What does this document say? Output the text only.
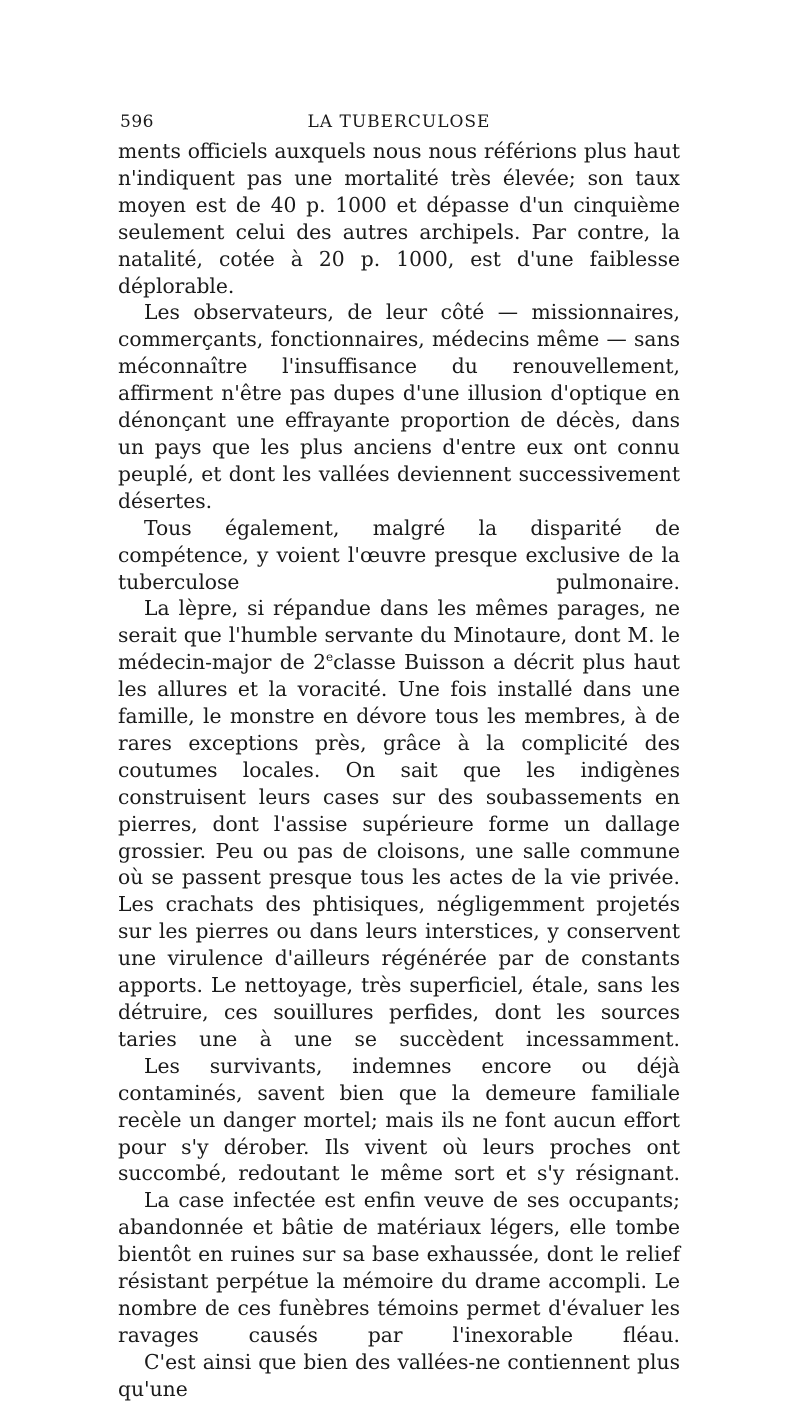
596	LA TUBERCULOSE

ments officiels auxquels nous nous référions plus haut n'indiquent pas une mortalité très élevée; son taux moyen est de 40 p. 1000 et dépasse d'un cinquième seulement celui des autres archipels. Par contre, la natalité, cotée à 20 p. 1000, est d'une faiblesse déplorable.

Les observateurs, de leur côté — missionnaires, commerçants, fonctionnaires, médecins même — sans méconnaître l'insuffisance du renouvellement, affirment n'être pas dupes d'une illusion d'optique en dénonçant une effrayante proportion de décès, dans un pays que les plus anciens d'entre eux ont connu peuplé, et dont les vallées deviennent successivement désertes.

Tous également, malgré la disparité de compétence, y voient l'œuvre presque exclusive de la tuberculose pulmonaire.

La lèpre, si répandue dans les mêmes parages, ne serait que l'humble servante du Minotaure, dont M. le médecin-major de 2eclasse Buisson a décrit plus haut les allures et la voracité. Une fois installé dans une famille, le monstre en dévore tous les membres, à de rares exceptions près, grâce à la complicité des coutumes locales. On sait que les indigènes construisent leurs cases sur des soubassements en pierres, dont l'assise supérieure forme un dallage grossier. Peu ou pas de cloisons, une salle commune où se passent presque tous les actes de la vie privée. Les crachats des phtisiques, négligemment projetés sur les pierres ou dans leurs interstices, y conservent une virulence d'ailleurs régénérée par de constants apports. Le nettoyage, très superficiel, étale, sans les détruire, ces souillures perfides, dont les sources taries une à une se succèdent incessamment.

Les survivants, indemnes encore ou déjà contaminés, savent bien que la demeure familiale recèle un danger mortel; mais ils ne font aucun effort pour s'y dérober. Ils vivent où leurs proches ont succombé, redoutant le même sort et s'y résignant.

La case infectée est enfin veuve de ses occupants; abandonnée et bâtie de matériaux légers, elle tombe bientôt en ruines sur sa base exhaussée, dont le relief résistant perpétue la mémoire du drame accompli. Le nombre de ces funèbres témoins permet d'évaluer les ravages causés par l'inexorable fléau.

C'est ainsi que bien des vallées-ne contiennent plus qu'une
